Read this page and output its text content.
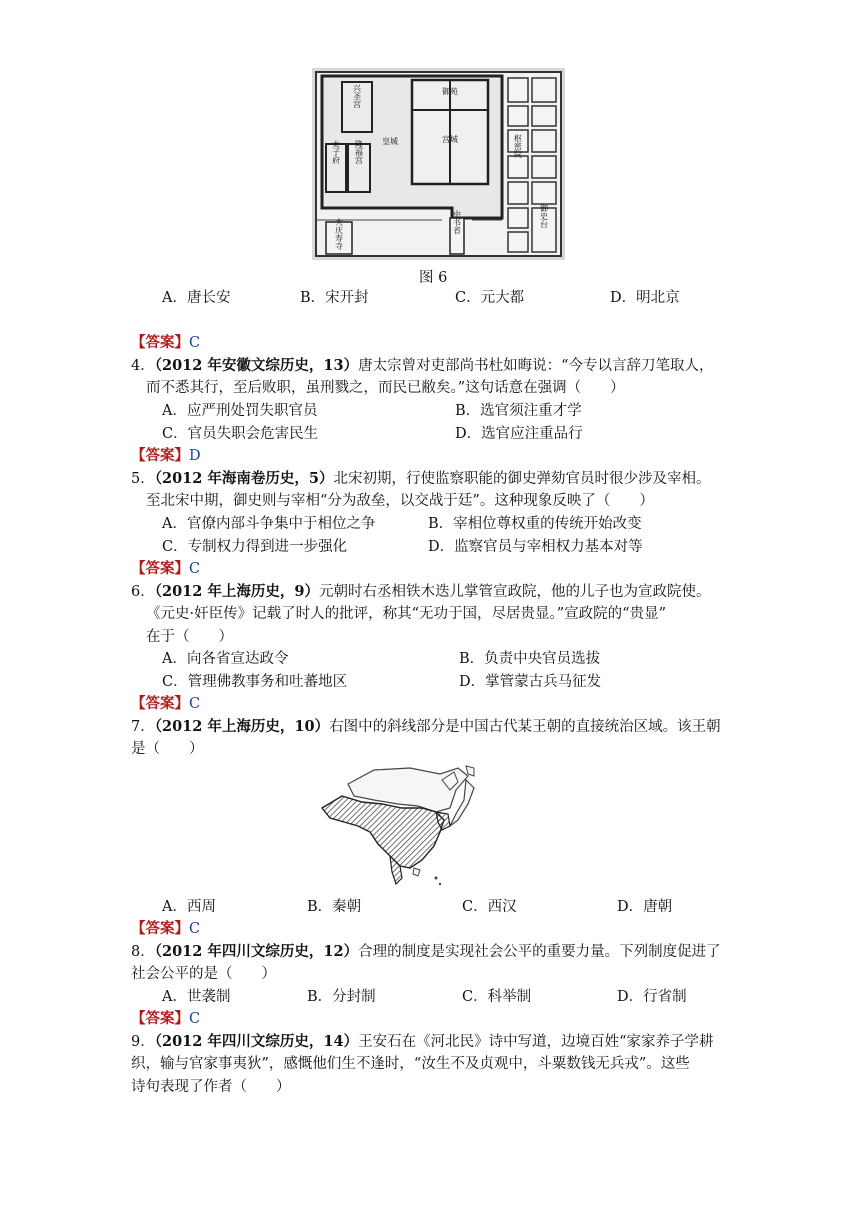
兴圣宫
隆福宫
太子府
御苑
宫城
皇城	枢密院
御史台
中书省
大庆寿寺
图 6
A．唐长安	B．宋开封	C．元大都	D．明北京
【答案】C
4．（2012 年安徽文综历史，13）唐太宗曾对吏部尚书杜如晦说：“今专以言辞刀笔取人，
而不悉其行，至后败职，虽刑戮之，而民已敝矣。”这句话意在强调（　　）
A．应严刑处罚失职官员	B．选官须注重才学
C．官员失职会危害民生	D．选官应注重品行
【答案】D
5．（2012 年海南卷历史，5）北宋初期，行使监察职能的御史弹劾官员时很少涉及宰相。
至北宋中期，御史则与宰相“分为敌垒，以交战于廷”。这种现象反映了（　　）
A．官僚内部斗争集中于相位之争	B．宰相位尊权重的传统开始改变
C．专制权力得到进一步强化	D．监察官员与宰相权力基本对等
【答案】C
6．（2012 年上海历史，9）元朝时右丞相铁木迭儿掌管宣政院，他的儿子也为宣政院使。
《元史·奸臣传》记载了时人的批评，称其“无功于国，尽居贵显。”宣政院的“贵显”
在于（　　）
A．向各省宣达政令	B．负责中央官员选拔
C．管理佛教事务和吐蕃地区	D．掌管蒙古兵马征发
【答案】C
7．（2012 年上海历史，10）右图中的斜线部分是中国古代某王朝的直接统治区域。该王朝
是（　　）
A．西周	B．秦朝	C．西汉	D．唐朝
【答案】C
8．（2012 年四川文综历史，12）合理的制度是实现社会公平的重要力量。下列制度促进了
社会公平的是（　　）
A．世袭制	B．分封制	C．科举制	D．行省制
【答案】C
9．（2012 年四川文综历史，14）王安石在《河北民》诗中写道，边境百姓“家家养子学耕
织，输与官家事夷狄”，感慨他们生不逢时，“汝生不及贞观中，斗粟数钱无兵戎”。这些
诗句表现了作者（　　）
